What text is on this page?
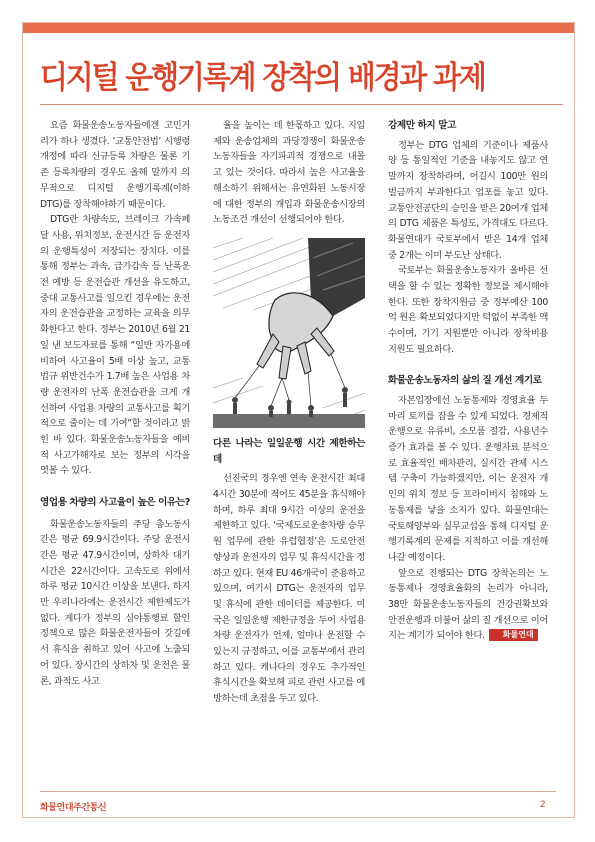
디지털 운행기록계 장착의 배경과 과제

요즘 화물운송노동자들에겐 고민거리가 하나 생겼다. ‘교통안전법’ 시행령 개정에 따라 신규등록 차량은 물론 기존 등록차량의 경우도 올해 말까지 의무적으로 디지털 운행기록계(이하 DTG)를 장착해야하기 때문이다.

DTG란 차량속도, 브레이크 가속페달 사용, 위치정보, 운전시간 등 운전자의 운행특성이 저장되는 장치다. 이를 통해 정부는 과속, 급가감속 등 난폭운전 예방 등 운전습관 개선을 유도하고, 중대 교통사고를 일으킨 경우에는 운전자의 운전습관을 교정하는 교육을 의무화한다고 한다. 정부는 2010년 6월 21일 낸 보도자료를 통해 “일반 자가용에 비하여 사고율이 5배 이상 높고, 교통법규 위반건수가 1.7배 높은 사업용 차량 운전자의 난폭 운전습관을 크게 개선하여 사업용 차량의 교통사고를 획기적으로 줄이는 데 기여”할 것이라고 밝힌 바 있다. 화물운송노동자들을 예비적 사고가해자로 보는 정부의 시각을 엿볼 수 있다.

영업용 차량의 사고율이 높은 이유는?

화물운송노동자들의 주당 총노동시간은 평균 69.9시간이다. 주당 운전시간은 평균 47.9시간이며, 상하차 대기시간은 22시간이다. 고속도로 위에서 하루 평균 10시간 이상을 보낸다. 하지만 우리나라에는 운전시간 제한제도가 없다. 게다가 정부의 심야통행료 할인정책으로 많은 화물운전자들이 갓길에서 휴식을 취하고 있어 사고에 노출되어 있다. 장시간의 상하차 및 운전은 물론, 과적도 사고

율을 높이는 데 한몫하고 있다. 지입제와 운송업체의 과당경쟁이 화물운송노동자들을 자기파괴적 경쟁으로 내몰고 있는 것이다. 따라서 높은 사고율을 해소하기 위해서는 유연화된 노동시장에 대한 정부의 개입과 화물운송시장의 노동조건 개선이 선행되어야 한다.

다른 나라는 일일운행 시간 제한하는데

선진국의 경우엔 연속 운전시간 최대 4시간 30분에 적어도 45분을 휴식해야 하며, 하루 최대 9시간 이상의 운전을 제한하고 있다. ‘국제도로운송차량 승무원 업무에 관한 유럽협정’은 도로안전 향상과 운전자의 업무 및 휴식시간을 정하고 있다. 현재 EU 46개국이 준용하고 있으며, 여기서 DTG는 운전자의 업무 및 휴식에 관한 데이터를 제공한다. 미국은 일일운행 제한규정을 두어 사업용 차량 운전자가 언제, 얼마나 운전할 수 있는지 규정하고, 이를 교통부에서 관리하고 있다. 캐나다의 경우도 추가적인 휴식시간을 확보해 피로 관련 사고를 예방하는데 초점을 두고 있다.

강제만 하지 말고

정부는 DTG 업체의 기준이나 제품사양 등 통일적인 기준을 내놓지도 않고 연말까지 장착하라며, 어길시 100만 원의 벌금까지 부과한다고 엄포를 놓고 있다. 교통안전공단의 승인을 받은 20여개 업체의 DTG 제품은 특성도, 가격대도 다르다. 화물연대가 국토부에서 받은 14개 업체 중 2개는 이미 부도난 상태다.

국토부는 화물운송노동자가 올바른 선택을 할 수 있는 정확한 정보를 제시해야 한다. 또한 장착지원금 중 정부예산 100억 원은 확보되었다지만 턱없이 부족한 액수이며, 기기 지원뿐만 아니라 장착비용 지원도 필요하다.

화물운송노동자의 삶의 질 개선 계기로

자본입장에선 노동통제와 경영효율 두 마리 토끼를 잡을 수 있게 되었다. 경제적 운행으로 유류비, 소모품 절감, 사용년수 증가 효과를 볼 수 있다. 운행자료 분석으로 효율적인 배차관리, 실시간 관제 시스템 구축이 가능하겠지만, 이는 운전자 개인의 위치 정보 등 프라이버시 침해와 노동통제를 낳을 소지가 있다. 화물연대는 국토해양부와 실무교섭을 통해 디지털 운행기록계의 문제를 지적하고 이를 개선해 나갈 예정이다.

앞으로 진행되는 DTG 장착논의는 노동통제나 경영효율화의 논리가 아니라, 38만 화물운송노동자들의 건강권확보와 안전운행과 더불어 삶의 질 개선으로 이어지는 계기가 되어야 한다. 화물연대

화물연대주간통신	2
